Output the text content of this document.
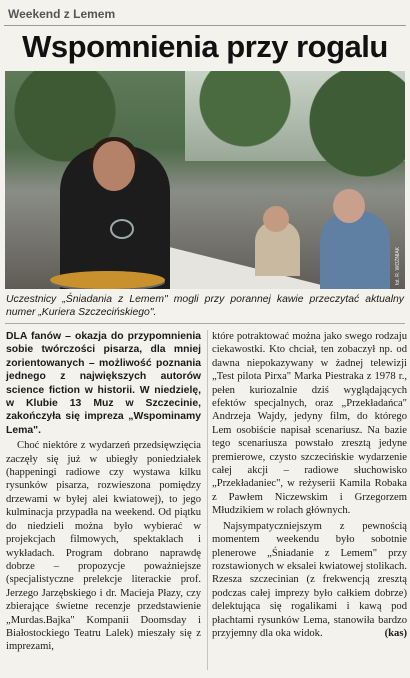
Weekend z Lemem
Wspomnienia przy rogalu
fot. R. WOŹNIAK
Uczestnicy „Śniadania z Lemem" mogli przy porannej kawie przeczytać aktualny numer „Kuriera Szczecińskiego".

DLA fanów – okazja do przypomnienia sobie twórczości pisarza, dla mniej zorientowanych – możliwość poznania jednego z największych autorów science fiction w historii. W niedzielę, w Klubie 13 Muz w Szczecinie, zakończyła się impreza „Wspominamy Lema".

Choć niektóre z wydarzeń przedsięwzięcia zaczęły się już w ubiegły poniedziałek (happeningi radiowe czy wystawa kilku rysunków pisarza, rozwieszona pomiędzy drzewami w byłej alei kwiatowej), to jego kulminacja przypadła na weekend. Od piątku do niedzieli można było wybierać w projekcjach filmowych, spektaklach i wykładach. Program dobrano naprawdę dobrze – propozycje poważniejsze (specjalistyczne prelekcje literackie prof. Jerzego Jarzębskiego i dr. Macieja Płazy, czy zbierające świetne recenzje przedstawienie „Murdas.Bajka" Kompanii Doomsday i Białostockiego Teatru Lalek) mieszały się z imprezami,

które potraktować można jako swego rodzaju ciekawostki. Kto chciał, ten zobaczył np. od dawna niepokazywany w żadnej telewizji „Test pilota Pirxa" Marka Piestraka z 1978 r., pełen kuriozalnie dziś wyglądających efektów specjalnych, oraz „Przekładańca" Andrzeja Wajdy, jedyny film, do którego Lem osobiście napisał scenariusz. Na bazie tego scenariusza powstało zresztą jedyne premierowe, czysto szczecińskie wydarzenie całej akcji – radiowe słuchowisko „Przekładaniec", w reżyserii Kamila Robaka z Pawłem Niczewskim i Grzegorzem Młudzikiem w rolach głównych.

Najsympatyczniejszym z pewnością momentem weekendu było sobotnie plenerowe „Śniadanie z Lemem" przy rozstawionych w eksalei kwiatowej stolikach. Rzesza szczecinian (z frekwencją zresztą podczas całej imprezy było całkiem dobrze) delektująca się rogalikami i kawą pod płachtami rysunków Lema, stanowiła bardzo przyjemny dla oka widok.	(kas)
